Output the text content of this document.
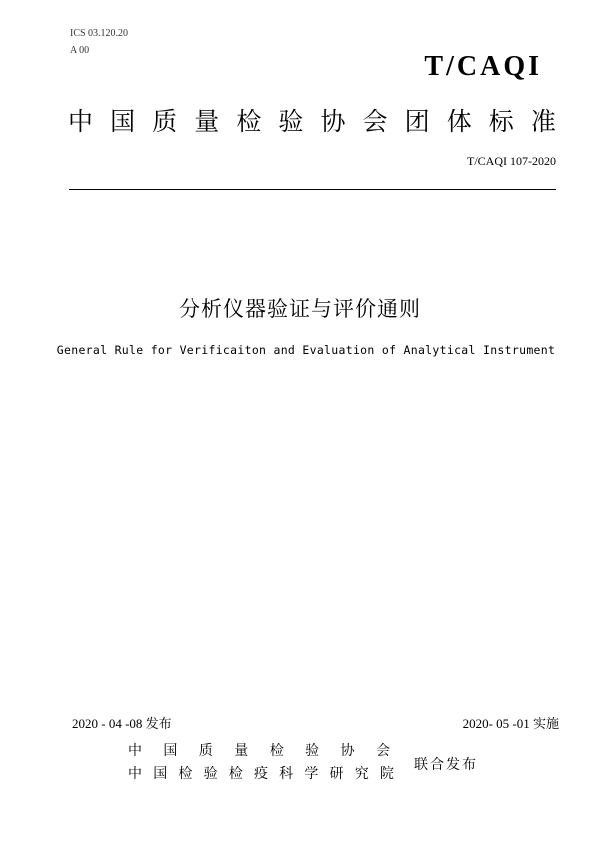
ICS 03.120.20
A 00
T/CAQI
中 国 质 量 检 验 协 会 团 体 标 准
T/CAQI 107-2020
分析仪器验证与评价通则
General Rule for Verificaiton and Evaluation of Analytical Instrument
2020 - 04 -08 发布	2020- 05 -01 实施
中 国 质 量 检 验 协 会
中 国 检 验 检 疫 科 学 研 究 院
联合发布
